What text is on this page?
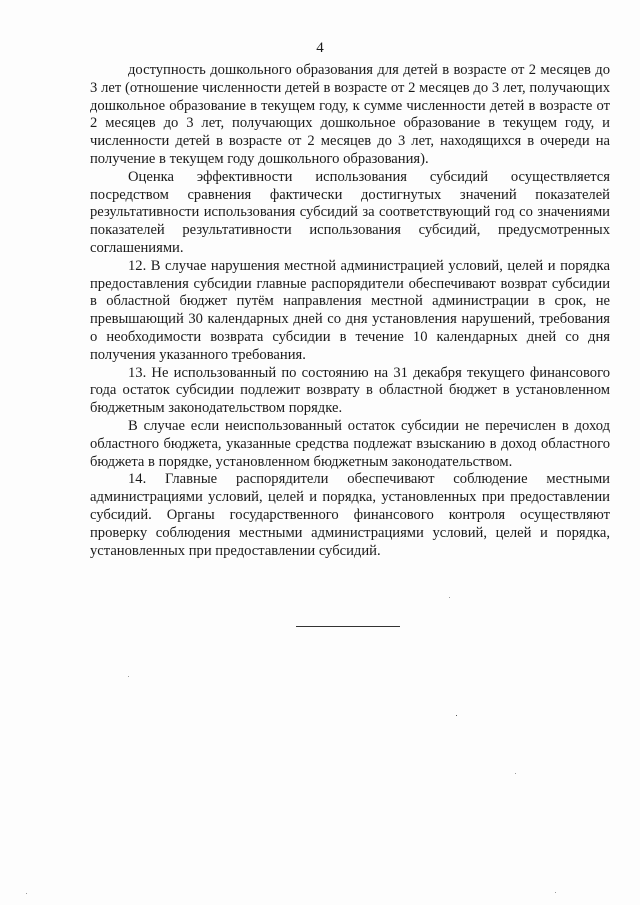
4

доступность дошкольного образования для детей в возрасте от 2 месяцев до 3 лет (отношение численности детей в возрасте от 2 месяцев до 3 лет, получающих дошкольное образование в текущем году, к сумме численности детей в возрасте от 2 месяцев до 3 лет, получающих дошкольное образование в текущем году, и численности детей в возрасте от 2 месяцев до 3 лет, находящихся в очереди на получение в текущем году дошкольного образования).

Оценка эффективности использования субсидий осуществляется посредством сравнения фактически достигнутых значений показателей результативности использования субсидий за соответствующий год со значениями показателей результативности использования субсидий, предусмотренных соглашениями.

12. В случае нарушения местной администрацией условий, целей и порядка предоставления субсидии главные распорядители обеспечивают возврат субсидии в областной бюджет путём направления местной администрации в срок, не превышающий 30 календарных дней со дня установления нарушений, требования о необходимости возврата субсидии в течение 10 календарных дней со дня получения указанного требования.

13. Не использованный по состоянию на 31 декабря текущего финансового года остаток субсидии подлежит возврату в областной бюджет в установленном бюджетным законодательством порядке.

В случае если неиспользованный остаток субсидии не перечислен в доход областного бюджета, указанные средства подлежат взысканию в доход областного бюджета в порядке, установленном бюджетным законодательством.

14. Главные распорядители обеспечивают соблюдение местными администрациями условий, целей и порядка, установленных при предоставлении субсидий. Органы государственного финансового контроля осуществляют проверку соблюдения местными администрациями условий, целей и порядка, установленных при предоставлении субсидий.
